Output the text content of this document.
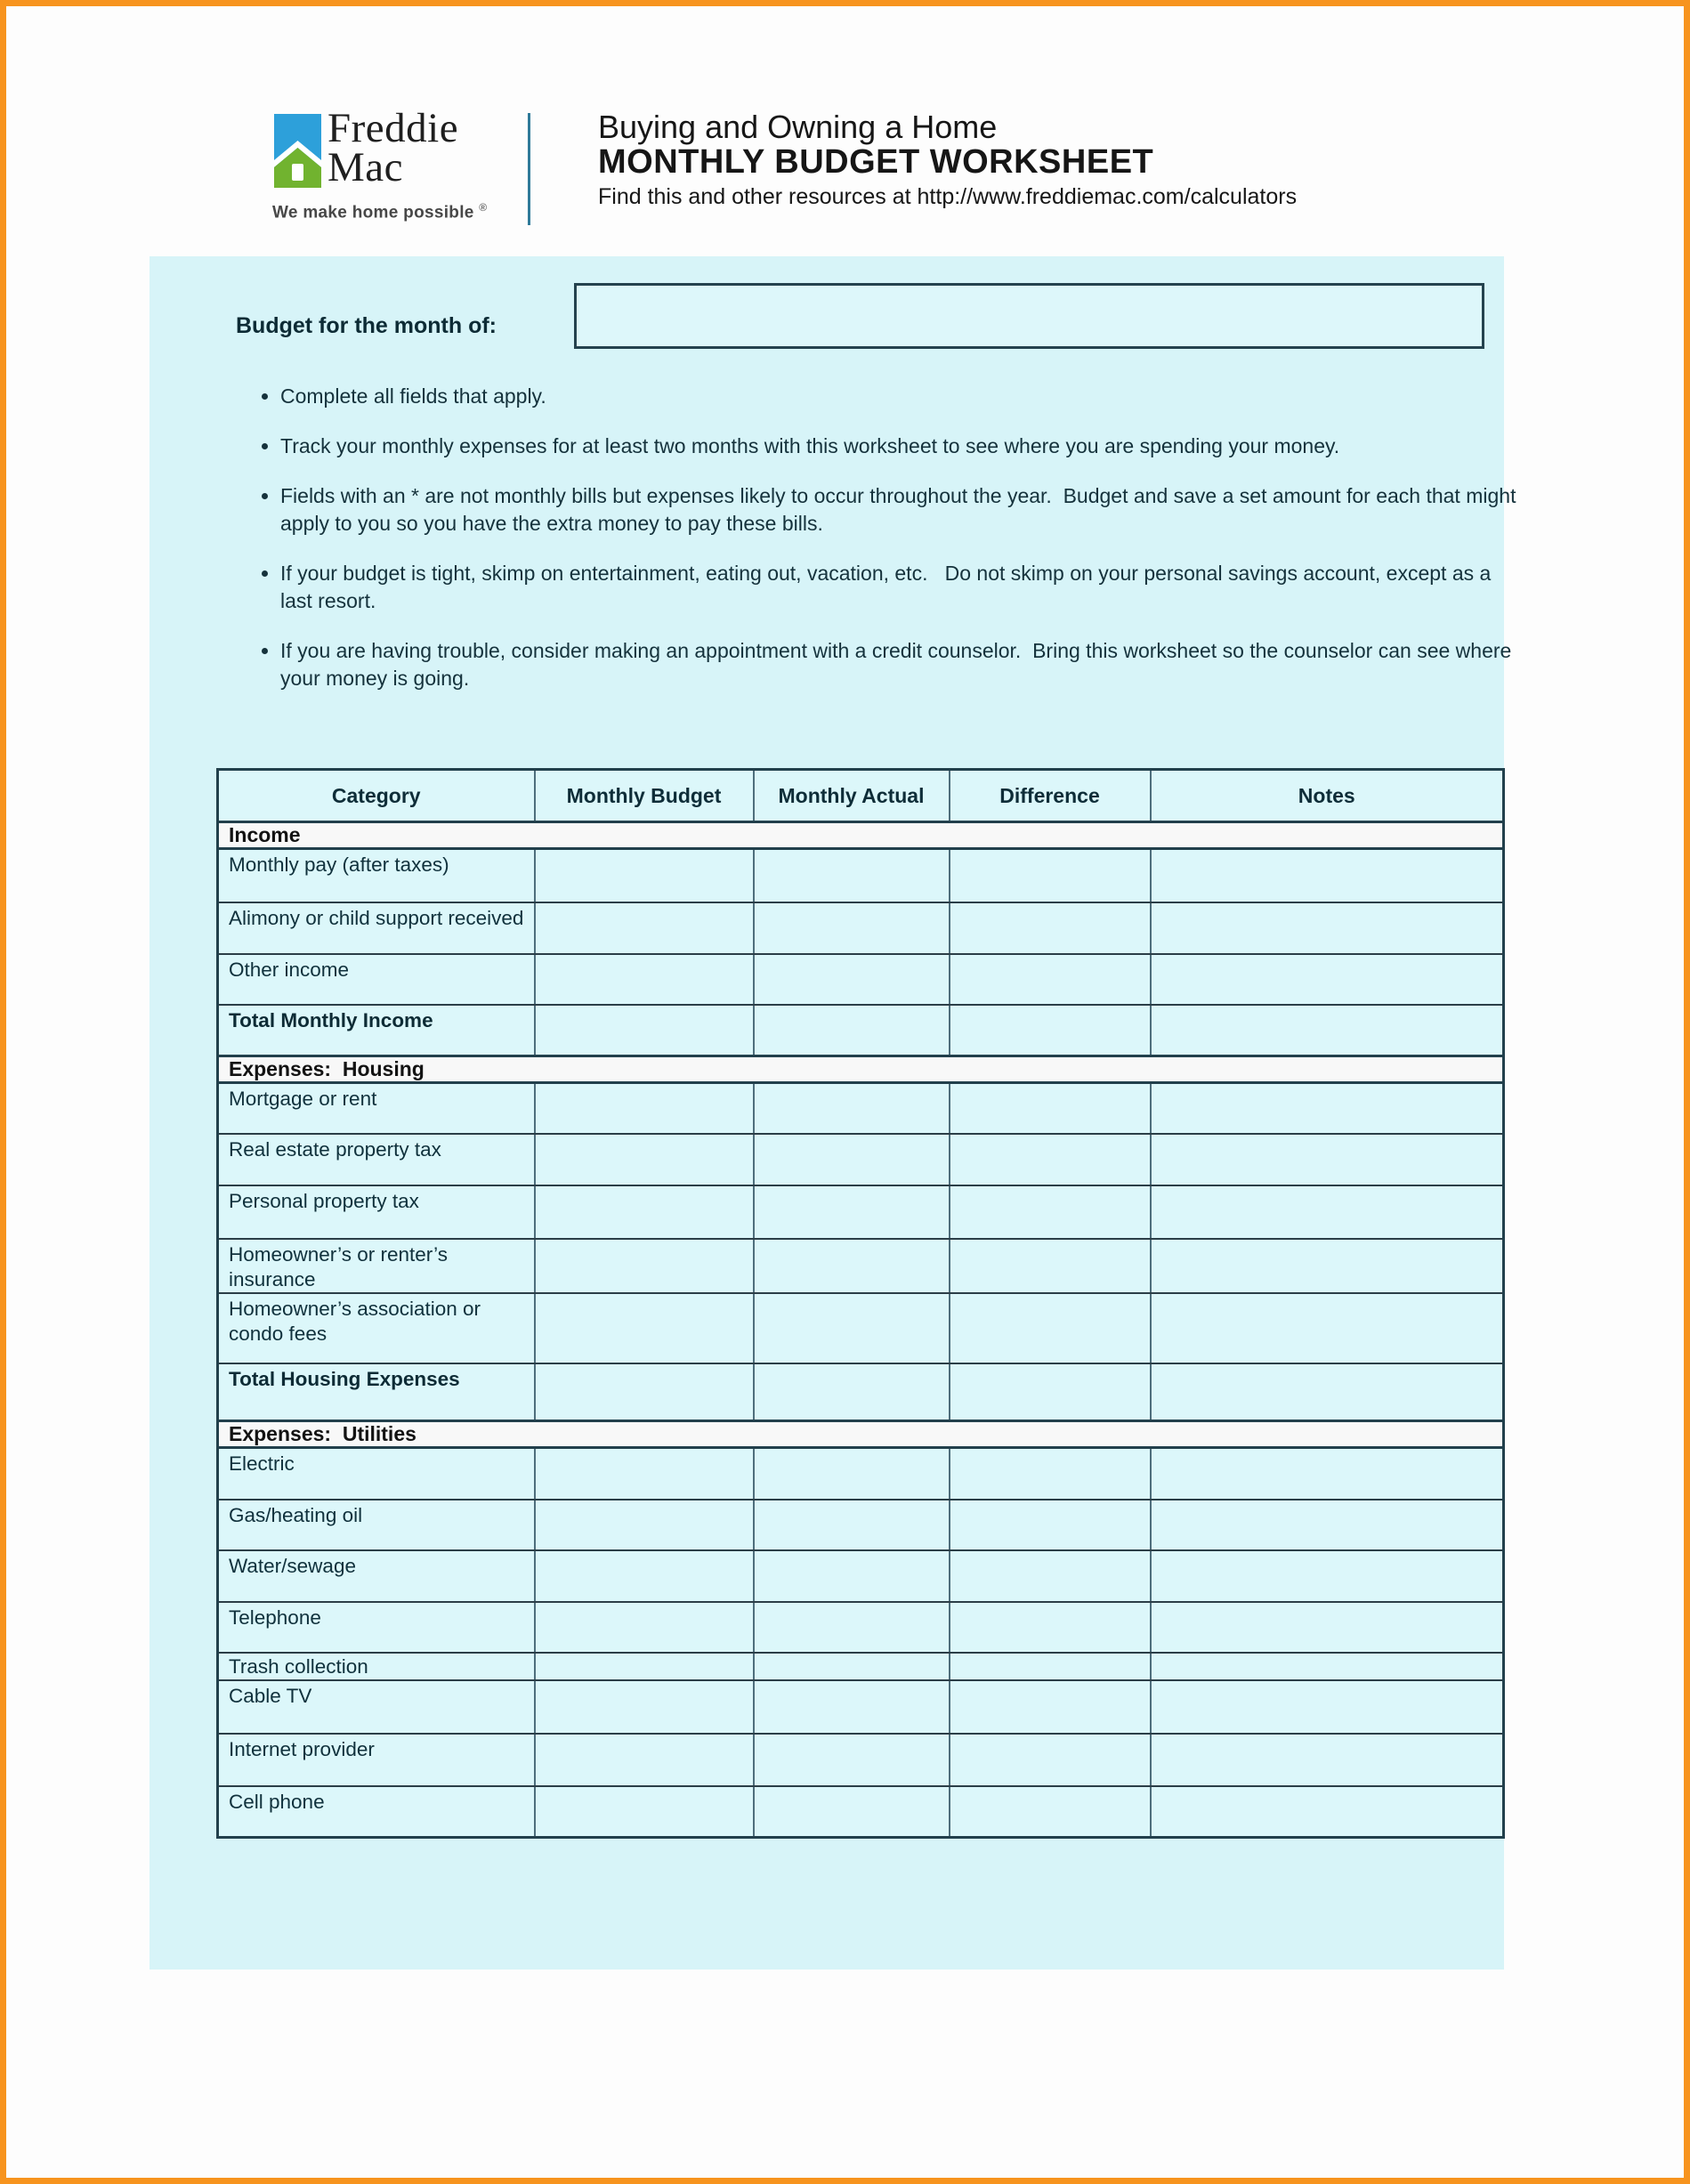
Freddie
Mac
We make home possible ®
Buying and Owning a Home
MONTHLY BUDGET WORKSHEET
Find this and other resources at http://www.freddiemac.com/calculators
Budget for the month of:
• Complete all fields that apply.
• Track your monthly expenses for at least two months with this worksheet to see where you are spending your money.
• Fields with an * are not monthly bills but expenses likely to occur throughout the year.  Budget and save a set amount for each that might apply to you so you have the extra money to pay these bills.
• If your budget is tight, skimp on entertainment, eating out, vacation, etc.   Do not skimp on your personal savings account, except as a last resort.
• If you are having trouble, consider making an appointment with a credit counselor.  Bring this worksheet so the counselor can see where your money is going.
Category	Monthly Budget	Monthly Actual	Difference	Notes
Income				
Monthly pay (after taxes)				
Alimony or child support received				
Other income				
Total Monthly Income				
Expenses:  Housing				
Mortgage or rent				
Real estate property tax				
Personal property tax				
Homeowner’s or renter’s insurance				
Homeowner’s association or condo fees				
Total Housing Expenses				
Expenses:  Utilities				
Electric				
Gas/heating oil				
Water/sewage				
Telephone				
Trash collection				
Cable TV				
Internet provider				
Cell phone				
